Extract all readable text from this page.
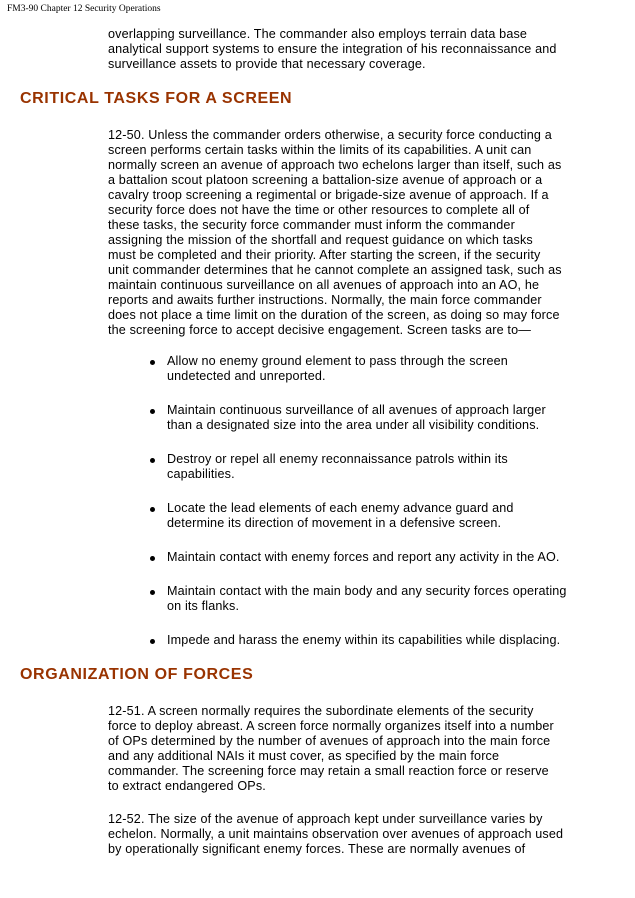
FM3-90 Chapter 12 Security Operations
overlapping surveillance. The commander also employs terrain data base
analytical support systems to ensure the integration of his reconnaissance and
surveillance assets to provide that necessary coverage.
CRITICAL TASKS FOR A SCREEN
12-50. Unless the commander orders otherwise, a security force conducting a
screen performs certain tasks within the limits of its capabilities. A unit can
normally screen an avenue of approach two echelons larger than itself, such as
a battalion scout platoon screening a battalion-size avenue of approach or a
cavalry troop screening a regimental or brigade-size avenue of approach. If a
security force does not have the time or other resources to complete all of
these tasks, the security force commander must inform the commander
assigning the mission of the shortfall and request guidance on which tasks
must be completed and their priority. After starting the screen, if the security
unit commander determines that he cannot complete an assigned task, such as
maintain continuous surveillance on all avenues of approach into an AO, he
reports and awaits further instructions. Normally, the main force commander
does not place a time limit on the duration of the screen, as doing so may force
the screening force to accept decisive engagement. Screen tasks are to—
Allow no enemy ground element to pass through the screen
undetected and unreported.
Maintain continuous surveillance of all avenues of approach larger
than a designated size into the area under all visibility conditions.
Destroy or repel all enemy reconnaissance patrols within its
capabilities.
Locate the lead elements of each enemy advance guard and
determine its direction of movement in a defensive screen.
Maintain contact with enemy forces and report any activity in the AO.
Maintain contact with the main body and any security forces operating
on its flanks.
Impede and harass the enemy within its capabilities while displacing.
ORGANIZATION OF FORCES
12-51. A screen normally requires the subordinate elements of the security
force to deploy abreast. A screen force normally organizes itself into a number
of OPs determined by the number of avenues of approach into the main force
and any additional NAIs it must cover, as specified by the main force
commander. The screening force may retain a small reaction force or reserve
to extract endangered OPs.
12-52. The size of the avenue of approach kept under surveillance varies by
echelon. Normally, a unit maintains observation over avenues of approach used
by operationally significant enemy forces. These are normally avenues of
